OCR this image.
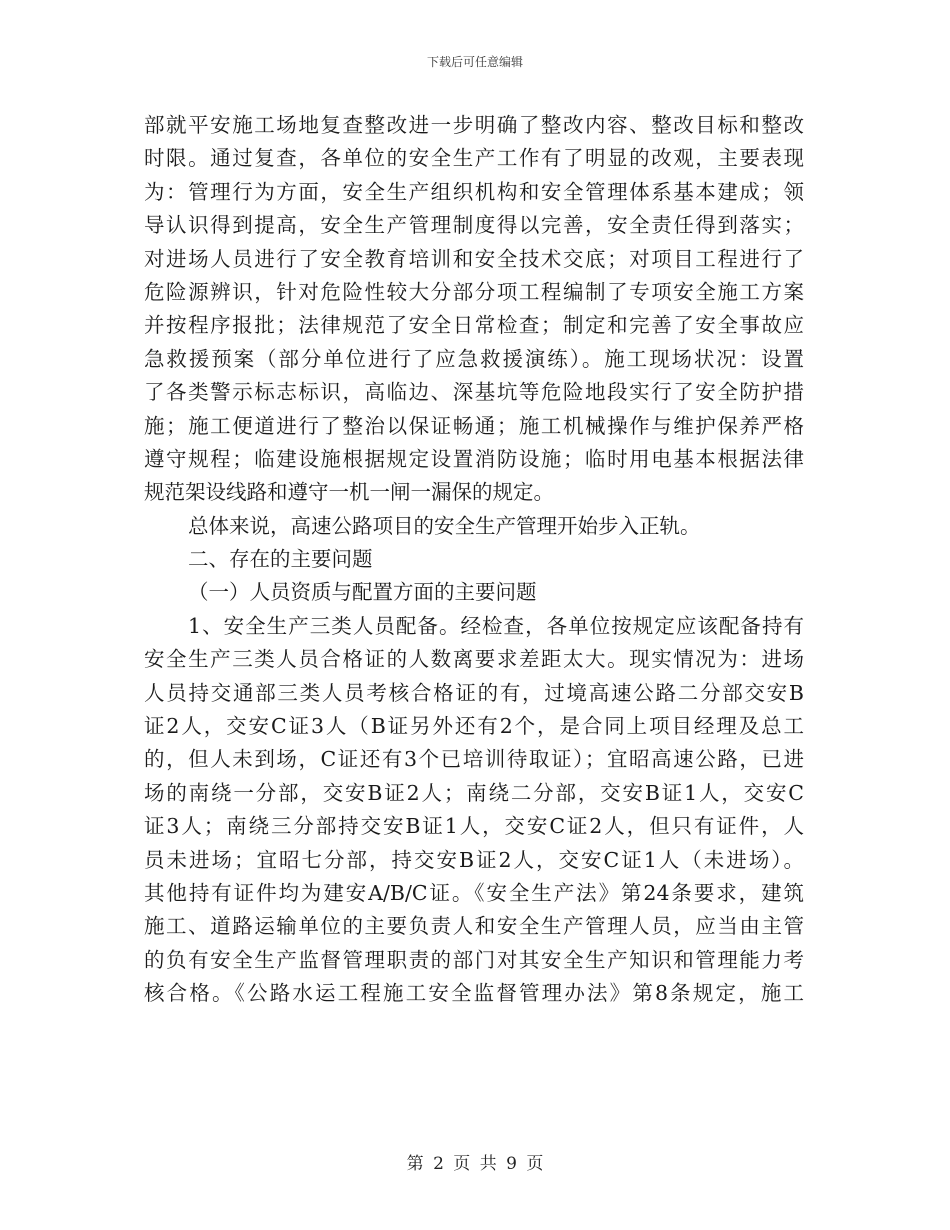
下载后可任意编辑
部就平安施工场地复查整改进一步明确了整改内容、整改目标和整改
时限。通过复查，各单位的安全生产工作有了明显的改观，主要表现
为：管理行为方面，安全生产组织机构和安全管理体系基本建成；领
导认识得到提高，安全生产管理制度得以完善，安全责任得到落实；
对进场人员进行了安全教育培训和安全技术交底；对项目工程进行了
危险源辨识，针对危险性较大分部分项工程编制了专项安全施工方案
并按程序报批；法律规范了安全日常检查；制定和完善了安全事故应
急救援预案（部分单位进行了应急救援演练）。施工现场状况：设置
了各类警示标志标识，高临边、深基坑等危险地段实行了安全防护措
施；施工便道进行了整治以保证畅通；施工机械操作与维护保养严格
遵守规程；临建设施根据规定设置消防设施；临时用电基本根据法律
规范架设线路和遵守一机一闸一漏保的规定。
总体来说，高速公路项目的安全生产管理开始步入正轨。
二、存在的主要问题
（一）人员资质与配置方面的主要问题
1、安全生产三类人员配备。经检查，各单位按规定应该配备持有
安全生产三类人员合格证的人数离要求差距太大。现实情况为：进场
人员持交通部三类人员考核合格证的有，过境高速公路二分部交安B
证2人，交安C证3人（B证另外还有2个，是合同上项目经理及总工
的，但人未到场，C证还有3个已培训待取证）；宜昭高速公路，已进
场的南绕一分部，交安B证2人；南绕二分部，交安B证1人，交安C
证3人；南绕三分部持交安B证1人，交安C证2人，但只有证件，人
员未进场；宜昭七分部，持交安B证2人，交安C证1人（未进场）。
其他持有证件均为建安A/B/C证。《安全生产法》第24条要求，建筑
施工、道路运输单位的主要负责人和安全生产管理人员，应当由主管
的负有安全生产监督管理职责的部门对其安全生产知识和管理能力考
核合格。《公路水运工程施工安全监督管理办法》第8条规定，施工
第 2 页 共 9 页
